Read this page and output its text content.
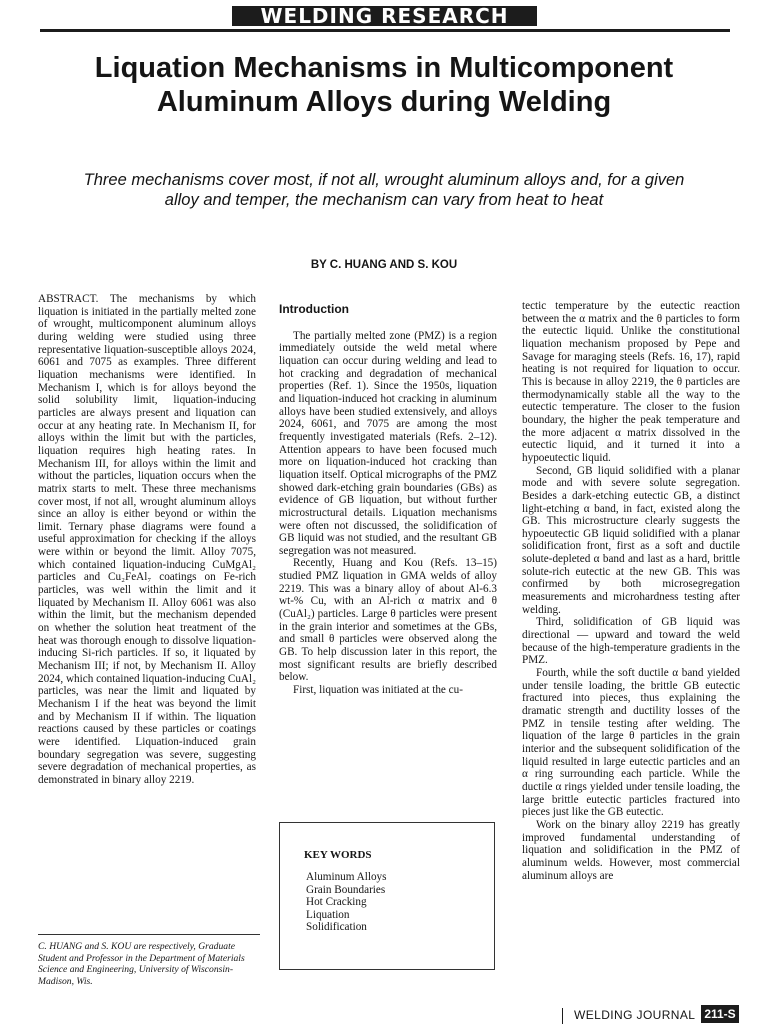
WELDING RESEARCH
Liquation Mechanisms in Multicomponent
Aluminum Alloys during Welding

Three mechanisms cover most, if not all, wrought aluminum alloys and, for a given
alloy and temper, the mechanism can vary from heat to heat

BY C. HUANG AND S. KOU

ABSTRACT. The mechanisms by which liquation is initiated in the partially melted zone of wrought, multicomponent aluminum alloys during welding were studied using three representative liquation-susceptible alloys 2024, 6061 and 7075 as examples. Three different liquation mechanisms were identified. In Mechanism I, which is for alloys beyond the solid solubility limit, liquation-inducing particles are always present and liquation can occur at any heating rate. In Mechanism II, for alloys within the limit but with the particles, liquation requires high heating rates. In Mechanism III, for alloys within the limit and without the particles, liquation occurs when the matrix starts to melt. These three mechanisms cover most, if not all, wrought aluminum alloys since an alloy is either beyond or within the limit. Ternary phase diagrams were found a useful approximation for checking if the alloys were within or beyond the limit. Alloy 7075, which contained liquation-inducing CuMgAl₂ particles and Cu₂FeAl₇ coatings on Fe-rich particles, was well within the limit and it liquated by Mechanism II. Alloy 6061 was also within the limit, but the mechanism depended on whether the solution heat treatment of the heat was thorough enough to dissolve liquation-inducing Si-rich particles. If so, it liquated by Mechanism III; if not, by Mechanism II. Alloy 2024, which contained liquation-inducing CuAl₂ particles, was near the limit and liquated by Mechanism I if the heat was beyond the limit and by Mechanism II if within. The liquation reactions caused by these particles or coatings were identified. Liquation-induced grain boundary segregation was severe, suggesting severe degradation of mechanical properties, as demonstrated in binary alloy 2219.

C. HUANG and S. KOU are respectively, Graduate Student and Professor in the Department of Materials Science and Engineering, University of Wisconsin-Madison, Wis.

Introduction

The partially melted zone (PMZ) is a region immediately outside the weld metal where liquation can occur during welding and lead to hot cracking and degradation of mechanical properties (Ref. 1). Since the 1950s, liquation and liquation-induced hot cracking in aluminum alloys have been studied extensively, and alloys 2024, 6061, and 7075 are among the most frequently investigated materials (Refs. 2–12). Attention appears to have been focused much more on liquation-induced hot cracking than liquation itself. Optical micrographs of the PMZ showed dark-etching grain boundaries (GBs) as evidence of GB liquation, but without further microstructural details. Liquation mechanisms were often not discussed, the solidification of GB liquid was not studied, and the resultant GB segregation was not measured.

Recently, Huang and Kou (Refs. 13–15) studied PMZ liquation in GMA welds of alloy 2219. This was a binary alloy of about Al-6.3 wt-% Cu, with an Al-rich α matrix and θ (CuAl₂) particles. Large θ particles were present in the grain interior and sometimes at the GBs, and small θ particles were observed along the GB. To help discussion later in this report, the most significant results are briefly described below.

First, liquation was initiated at the cu-

KEY WORDS
Aluminum Alloys
Grain Boundaries
Hot Cracking
Liquation
Solidification

tectic temperature by the eutectic reaction between the α matrix and the θ particles to form the eutectic liquid. Unlike the constitutional liquation mechanism proposed by Pepe and Savage for maraging steels (Refs. 16, 17), rapid heating is not required for liquation to occur. This is because in alloy 2219, the θ particles are thermodynamically stable all the way to the eutectic temperature. The closer to the fusion boundary, the higher the peak temperature and the more adjacent α matrix dissolved in the eutectic liquid, and it turned it into a hypoeutectic liquid.

Second, GB liquid solidified with a planar mode and with severe solute segregation. Besides a dark-etching eutectic GB, a distinct light-etching α band, in fact, existed along the GB. This microstructure clearly suggests the hypoeutectic GB liquid solidified with a planar solidification front, first as a soft and ductile solute-depleted α band and last as a hard, brittle solute-rich eutectic at the new GB. This was confirmed by both microsegregation measurements and microhardness testing after welding.

Third, solidification of GB liquid was directional — upward and toward the weld because of the high-temperature gradients in the PMZ.

Fourth, while the soft ductile α band yielded under tensile loading, the brittle GB eutectic fractured into pieces, thus explaining the dramatic strength and ductility losses of the PMZ in tensile testing after welding. The liquation of the large θ particles in the grain interior and the subsequent solidification of the liquid resulted in large eutectic particles and an α ring surrounding each particle. While the ductile α rings yielded under tensile loading, the large brittle eutectic particles fractured into pieces just like the GB eutectic.

Work on the binary alloy 2219 has greatly improved fundamental understanding of liquation and solidification in the PMZ of aluminum welds. However, most commercial aluminum alloys are

WELDING JOURNAL 211-S
